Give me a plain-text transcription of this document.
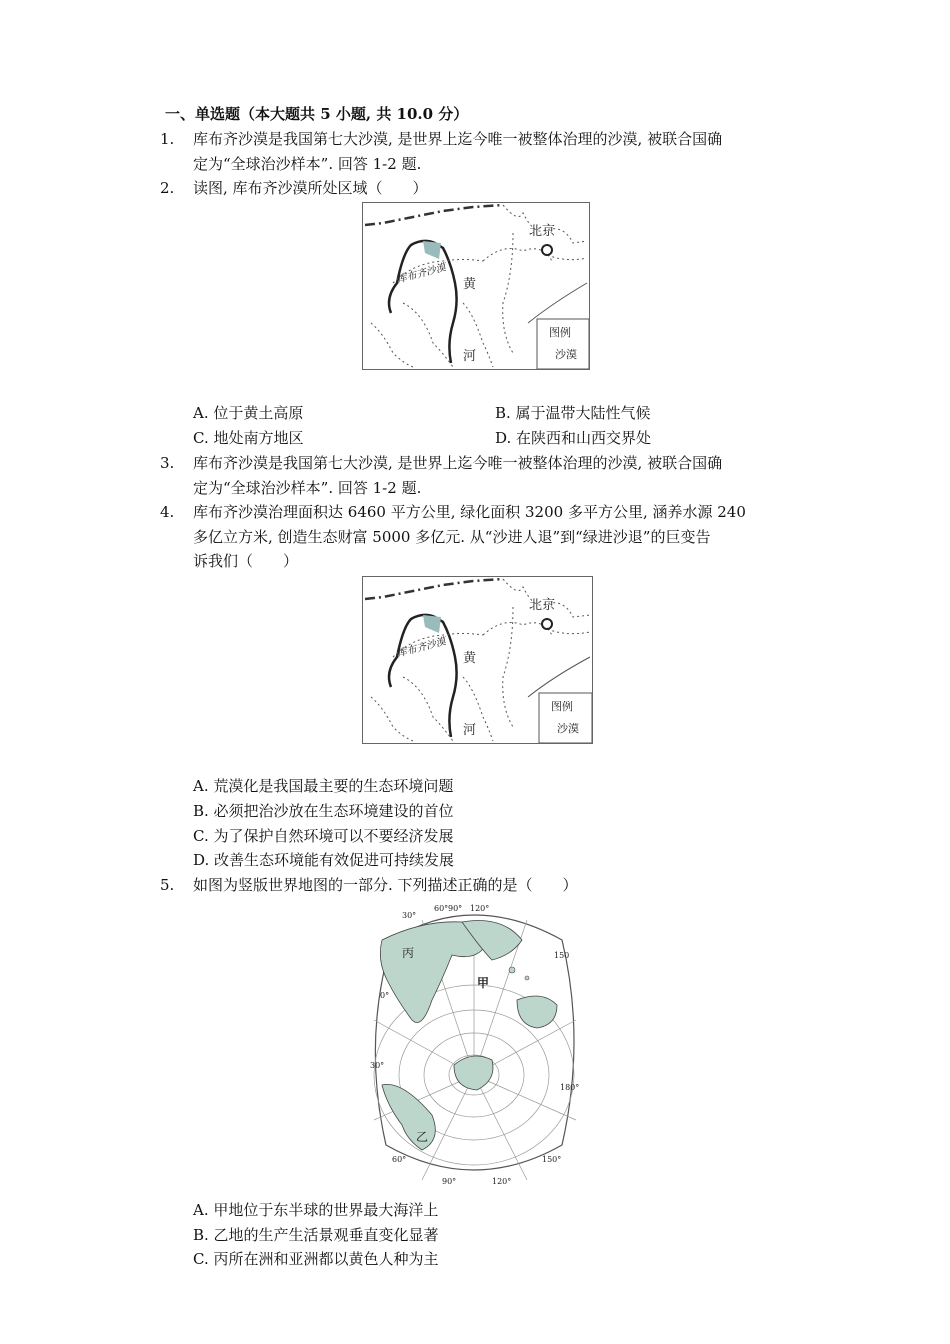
一、单选题（本大题共 5 小题, 共 10.0 分）
1.	库布齐沙漠是我国第七大沙漠, 是世界上迄今唯一被整体治理的沙漠, 被联合国确
定为“全球治沙样本”. 回答 1-2 题.
2.	读图, 库布齐沙漠所处区域（　　）
北京
库布齐沙漠 黄
河
图例
沙漠
A. 位于黄土高原	B. 属于温带大陆性气候
C. 地处南方地区	D. 在陕西和山西交界处
3.	库布齐沙漠是我国第七大沙漠, 是世界上迄今唯一被整体治理的沙漠, 被联合国确
定为“全球治沙样本”. 回答 1-2 题.
4.	库布齐沙漠治理面积达 6460 平方公里, 绿化面积 3200 多平方公里, 涵养水源 240
多亿立方米, 创造生态财富 5000 多亿元. 从“沙进人退”到“绿进沙退”的巨变告
诉我们（　　）
北京
库布齐沙漠 黄
河
图例
沙漠
A. 荒漠化是我国最主要的生态环境问题
B. 必须把治沙放在生态环境建设的首位
C. 为了保护自然环境可以不要经济发展
D. 改善生态环境能有效促进可持续发展
5.	如图为竖版世界地图的一部分. 下列描述正确的是（　　）
丙
甲
乙
60° 90° 120°
30°
150
0°
30°
180°
60°
90°	120°
150°
A. 甲地位于东半球的世界最大海洋上
B. 乙地的生产生活景观垂直变化显著
C. 丙所在洲和亚洲都以黄色人种为主
